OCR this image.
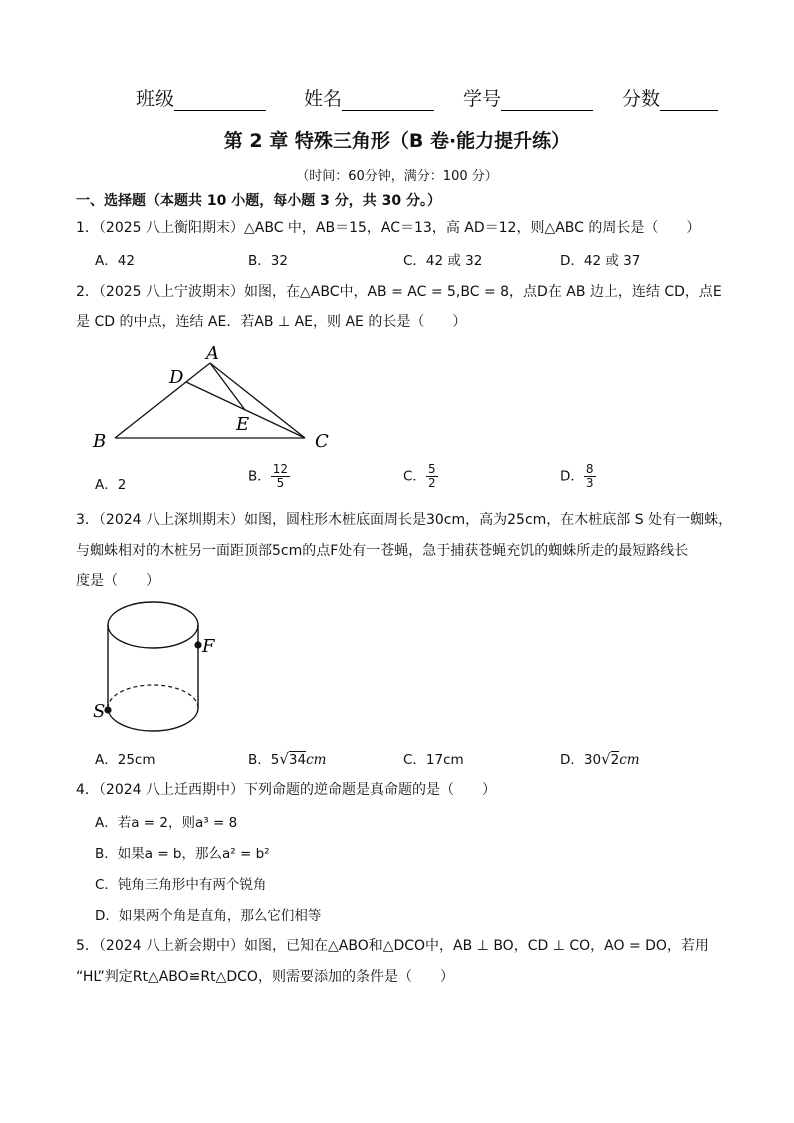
班级	姓名	学号	分数
第 2 章 特殊三角形（B 卷·能力提升练）
（时间：60分钟，满分：100 分）
一、选择题（本题共 10 小题，每小题 3 分，共 30 分。）
1．（2025 八上衡阳期末）△ABC 中，AB＝15，AC＝13，高 AD＝12，则△ABC 的周长是（　　）
A．42	B．32	C．42 或 32	D．42 或 37
2．（2025 八上宁波期末）如图，在△ABC中，AB = AC = 5,BC = 8，点D在 AB 边上，连结 CD，点E
是 CD 的中点，连结 AE．若AB ⊥ AE，则 AE 的长是（　　）
A
D
E
B	C
A．2
B． $\frac{12}{5}$	C． $\frac{5}{2}$	D． $\frac{8}{3}$
3．（2024 八上深圳期末）如图，圆柱形木桩底面周长是30cm，高为25cm，在木桩底部 S 处有一蜘蛛，
与蜘蛛相对的木桩另一面距顶部5cm的点F处有一苍蝇，急于捕获苍蝇充饥的蜘蛛所走的最短路线长
度是（　　）
F
S
A．25cm	B．5√34cm	C．17cm	D．30√2cm
4．（2024 八上迁西期中）下列命题的逆命题是真命题的是（　　）
A．若a = 2，则a³ = 8
B．如果a = b，那么a² = b²
C．钝角三角形中有两个锐角
D．如果两个角是直角，那么它们相等
5．（2024 八上新会期中）如图，已知在△ABO和△DCO中，AB ⊥ BO，CD ⊥ CO，AO = DO，若用
“HL”判定Rt△ABO≌Rt△DCO，则需要添加的条件是（　　）
